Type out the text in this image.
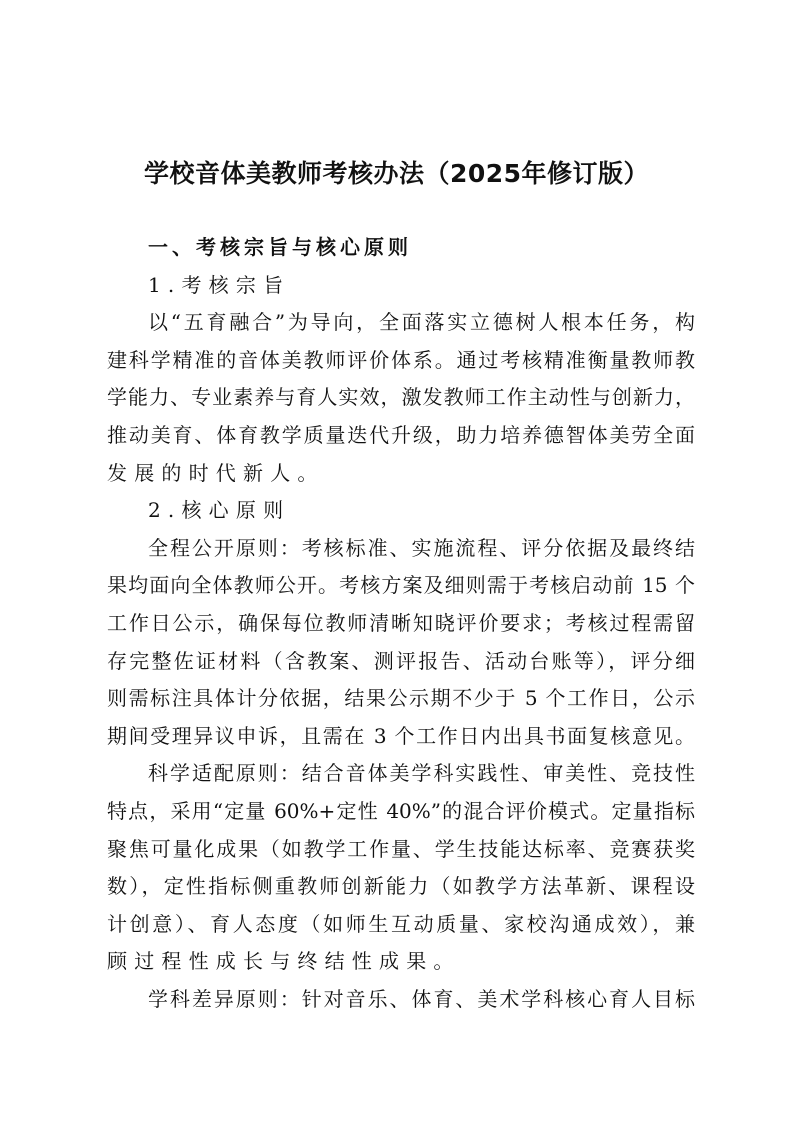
学校音体美教师考核办法（2025年修订版）
一、考核宗旨与核心原则
1.考核宗旨
以“五育融合”为导向，全面落实立德树人根本任务，构
建科学精准的音体美教师评价体系。通过考核精准衡量教师教
学能力、专业素养与育人实效，激发教师工作主动性与创新力，
推动美育、体育教学质量迭代升级，助力培养德智体美劳全面
发展的时代新人。
2.核心原则
全程公开原则：考核标准、实施流程、评分依据及最终结
果均面向全体教师公开。考核方案及细则需于考核启动前 15 个
工作日公示，确保每位教师清晰知晓评价要求；考核过程需留
存完整佐证材料（含教案、测评报告、活动台账等），评分细
则需标注具体计分依据，结果公示期不少于 5 个工作日，公示
期间受理异议申诉，且需在 3 个工作日内出具书面复核意见。
科学适配原则：结合音体美学科实践性、审美性、竞技性
特点，采用“定量 60%+定性 40%”的混合评价模式。定量指标
聚焦可量化成果（如教学工作量、学生技能达标率、竞赛获奖
数），定性指标侧重教师创新能力（如教学方法革新、课程设
计创意）、育人态度（如师生互动质量、家校沟通成效），兼
顾过程性成长与终结性成果。
学科差异原则：针对音乐、体育、美术学科核心育人目标
